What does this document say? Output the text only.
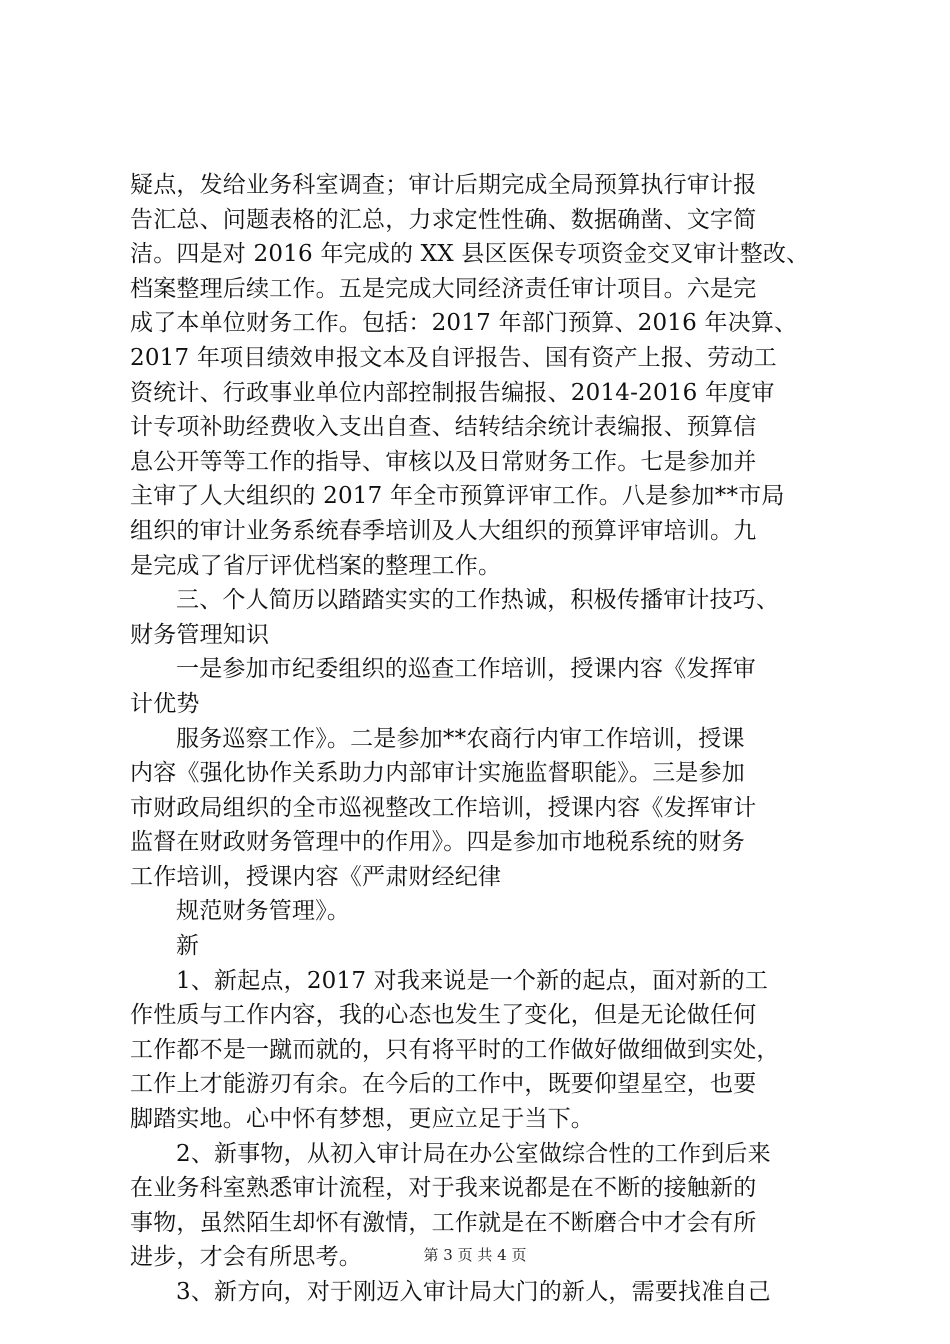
疑点，发给业务科室调查；审计后期完成全局预算执行审计报
告汇总、问题表格的汇总，力求定性性确、数据确凿、文字简
洁。四是对 2016 年完成的 XX 县区医保专项资金交叉审计整改、
档案整理后续工作。五是完成大同经济责任审计项目。六是完
成了本单位财务工作。包括：2017 年部门预算、2016 年决算、
2017 年项目绩效申报文本及自评报告、国有资产上报、劳动工
资统计、行政事业单位内部控制报告编报、2014-2016 年度审
计专项补助经费收入支出自查、结转结余统计表编报、预算信
息公开等等工作的指导、审核以及日常财务工作。七是参加并
主审了人大组织的 2017 年全市预算评审工作。八是参加**市局
组织的审计业务系统春季培训及人大组织的预算评审培训。九
是完成了省厅评优档案的整理工作。
三、个人简历以踏踏实实的工作热诚，积极传播审计技巧、
财务管理知识
一是参加市纪委组织的巡查工作培训，授课内容《发挥审
计优势
服务巡察工作》。二是参加**农商行内审工作培训，授课
内容《强化协作关系助力内部审计实施监督职能》。三是参加
市财政局组织的全市巡视整改工作培训，授课内容《发挥审计
监督在财政财务管理中的作用》。四是参加市地税系统的财务
工作培训，授课内容《严肃财经纪律
规范财务管理》。
新
1、新起点，2017 对我来说是一个新的起点，面对新的工
作性质与工作内容，我的心态也发生了变化，但是无论做任何
工作都不是一蹴而就的，只有将平时的工作做好做细做到实处，
工作上才能游刃有余。在今后的工作中，既要仰望星空，也要
脚踏实地。心中怀有梦想，更应立足于当下。
2、新事物，从初入审计局在办公室做综合性的工作到后来
在业务科室熟悉审计流程，对于我来说都是在不断的接触新的
事物，虽然陌生却怀有激情，工作就是在不断磨合中才会有所
进步，才会有所思考。
3、新方向，对于刚迈入审计局大门的新人，需要找准自己
第 3 页 共 4 页
